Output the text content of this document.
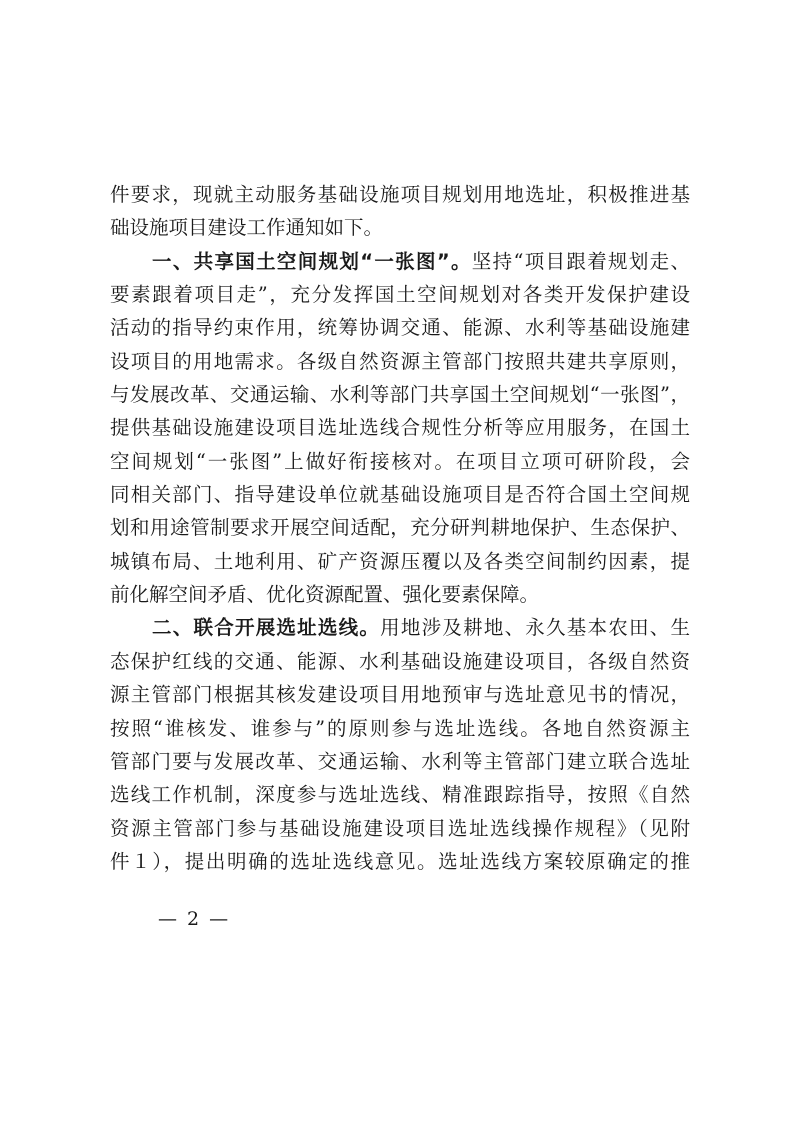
件要求，现就主动服务基础设施项目规划用地选址，积极推进基
础设施项目建设工作通知如下。
一、共享国土空间规划“一张图”。坚持“项目跟着规划走、
要素跟着项目走”，充分发挥国土空间规划对各类开发保护建设
活动的指导约束作用，统筹协调交通、能源、水利等基础设施建
设项目的用地需求。各级自然资源主管部门按照共建共享原则，
与发展改革、交通运输、水利等部门共享国土空间规划“一张图”，
提供基础设施建设项目选址选线合规性分析等应用服务，在国土
空间规划“一张图”上做好衔接核对。在项目立项可研阶段，会
同相关部门、指导建设单位就基础设施项目是否符合国土空间规
划和用途管制要求开展空间适配，充分研判耕地保护、生态保护、
城镇布局、土地利用、矿产资源压覆以及各类空间制约因素，提
前化解空间矛盾、优化资源配置、强化要素保障。
二、联合开展选址选线。用地涉及耕地、永久基本农田、生
态保护红线的交通、能源、水利基础设施建设项目，各级自然资
源主管部门根据其核发建设项目用地预审与选址意见书的情况，
按照“谁核发、谁参与”的原则参与选址选线。各地自然资源主
管部门要与发展改革、交通运输、水利等主管部门建立联合选址
选线工作机制，深度参与选址选线、精准跟踪指导，按照《自然
资源主管部门参与基础设施建设项目选址选线操作规程》（见附
件１），提出明确的选址选线意见。选址选线方案较原确定的推
— 2 —
